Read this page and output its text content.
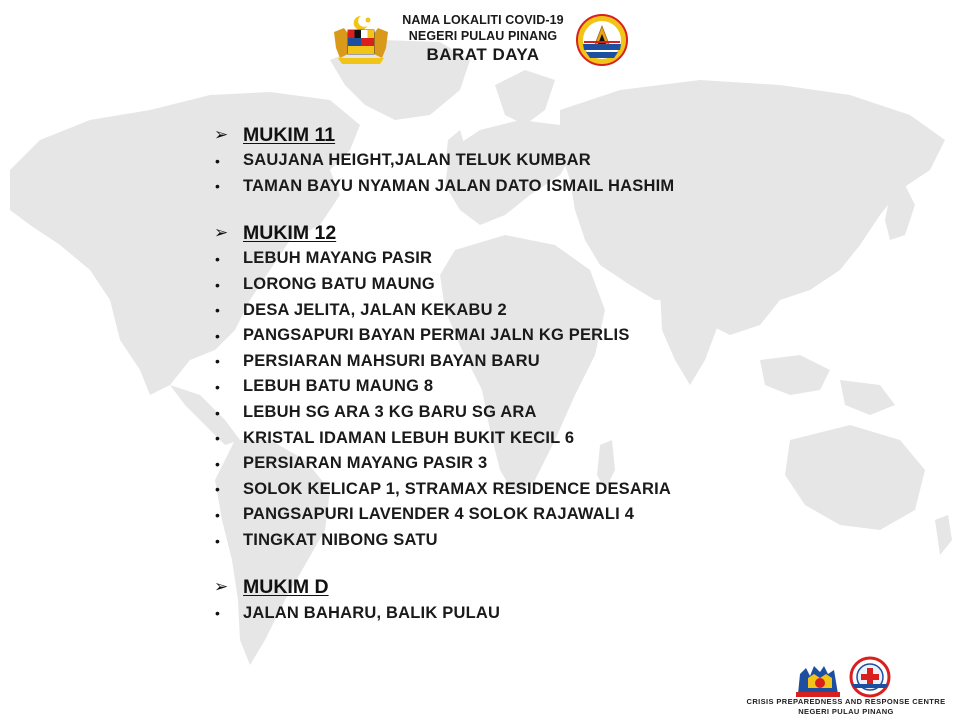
NAMA LOKALITI COVID-19
NEGERI PULAU PINANG
BARAT DAYA
➢ MUKIM 11
•	SAUJANA HEIGHT,JALAN TELUK KUMBAR
•	TAMAN BAYU NYAMAN JALAN DATO ISMAIL HASHIM
➢ MUKIM 12
•	LEBUH MAYANG PASIR
•	LORONG BATU MAUNG
•	DESA JELITA, JALAN KEKABU 2
•	PANGSAPURI BAYAN PERMAI JALN KG PERLIS
•	PERSIARAN MAHSURI BAYAN BARU
•	LEBUH BATU MAUNG 8
•	LEBUH SG ARA 3 KG BARU SG ARA
•	KRISTAL IDAMAN LEBUH BUKIT KECIL 6
•	PERSIARAN MAYANG PASIR 3
•	SOLOK KELICAP 1, STRAMAX RESIDENCE DESARIA
•	PANGSAPURI LAVENDER 4 SOLOK RAJAWALI 4
•	TINGKAT NIBONG SATU
➢ MUKIM D
•	JALAN BAHARU, BALIK PULAU
CRISIS PREPAREDNESS AND RESPONSE CENTRE
NEGERI PULAU PINANG
